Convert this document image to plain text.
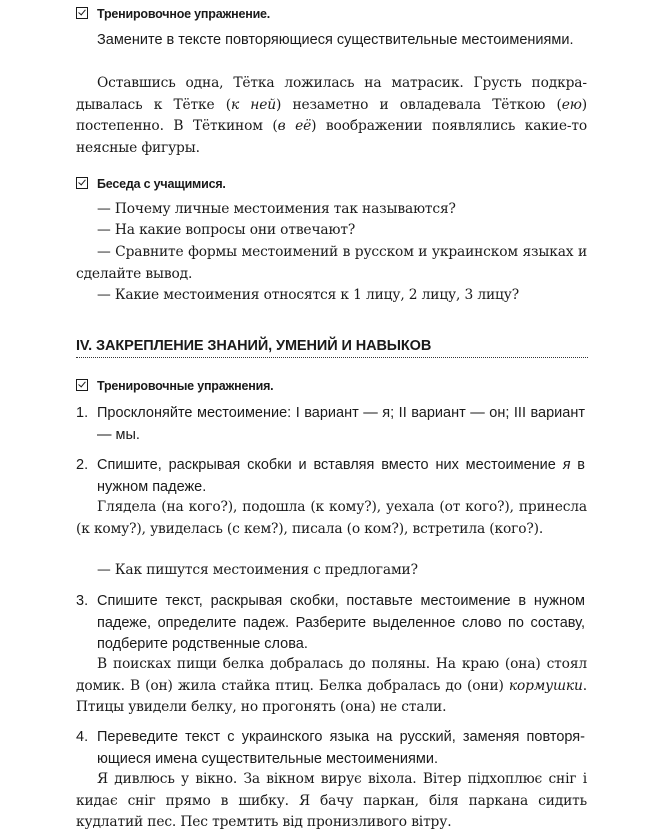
Тренировочное упражнение.
Замените в тексте повторяющиеся существительные местоимениями.
Оставшись одна, Тётка ложилась на матрасик. Грусть подкрадывалась к Тётке (к ней) незаметно и овладевала Тёткою (ею) постепенно. В Тёткином (в её) воображении появлялись какие-то неясные фигуры.
Беседа с учащимися.
— Почему личные местоимения так называются?
— На какие вопросы они отвечают?
— Сравните формы местоимений в русском и украинском языках и сделайте вывод.
— Какие местоимения относятся к 1 лицу, 2 лицу, 3 лицу?
IV. ЗАКРЕПЛЕНИЕ ЗНАНИЙ, УМЕНИЙ И НАВЫКОВ
Тренировочные упражнения.
1. Просклоняйте местоимение: I вариант — я; II вариант — он; III вариант — мы.
2. Спишите, раскрывая скобки и вставляя вместо них местоимение я в нужном падеже.
Глядела (на кого?), подошла (к кому?), уехала (от кого?), принесла (к кому?), увиделась (с кем?), писала (о ком?), встретила (кого?).
— Как пишутся местоимения с предлогами?
3. Спишите текст, раскрывая скобки, поставьте местоимение в нужном падеже, определите падеж. Разберите выделенное слово по составу, подберите родственные слова.
В поисках пищи белка добралась до поляны. На краю (она) стоял домик. В (он) жила стайка птиц. Белка добралась до (они) кормушки. Птицы увидели белку, но прогонять (она) не стали.
4. Переведите текст с украинского языка на русский, заменяя повторяющиеся имена существительные местоимениями.
Я дивлюсь у вікно. За вікном вирує віхола. Вітер підхоплює сніг і кидає сніг прямо в шибку. Я бачу паркан, біля паркана сидить кудлатий пес. Пес тремтить від пронизливого вітру.
